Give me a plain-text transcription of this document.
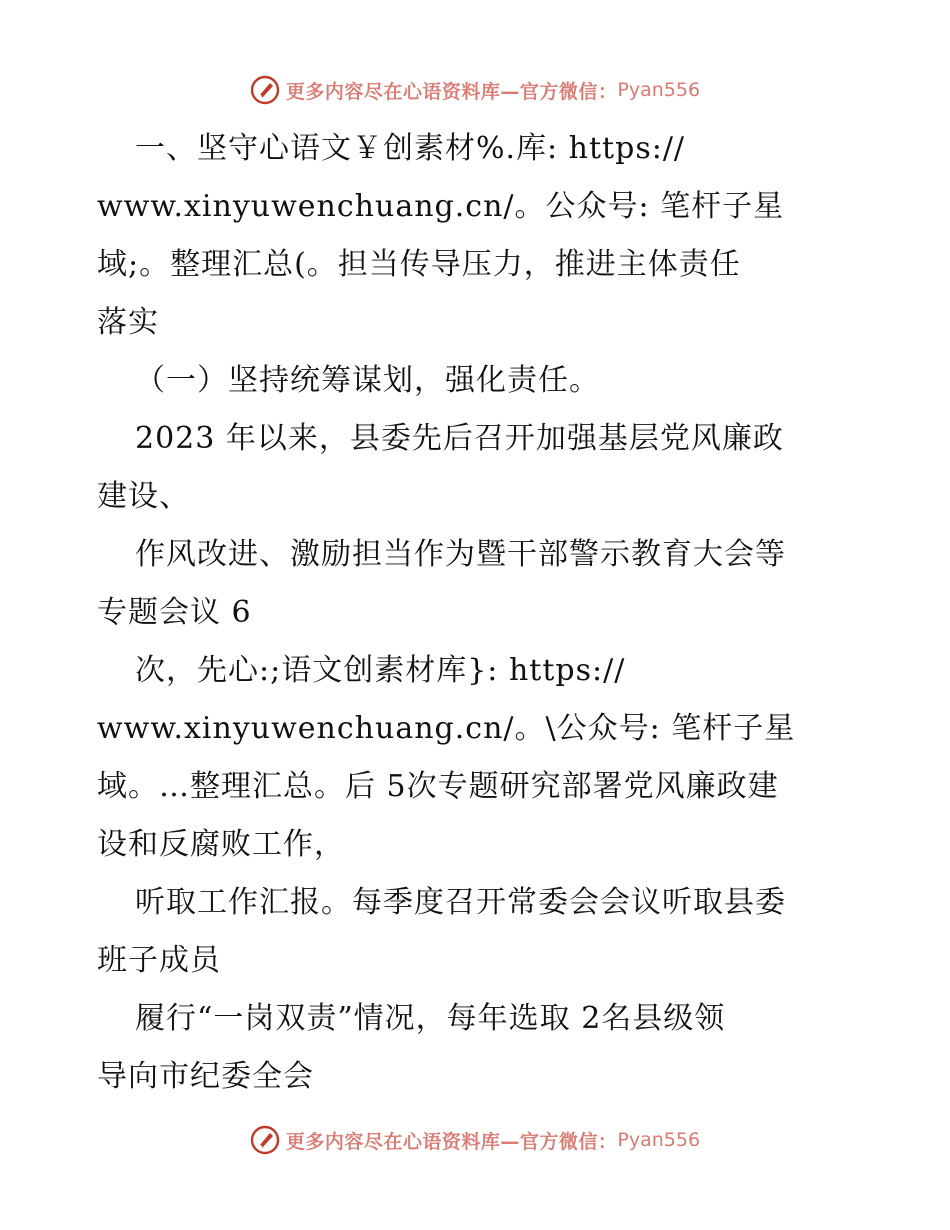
更多内容尽在心语资料库—官方微信： Pyan556
一、坚守心语文￥创素材%.库: https://
www.xinyuwenchuang.cn/。公众号: 笔杆子星
域;。整理汇总(。担当传导压力，推进主体责任
落实
（一）坚持统筹谋划，强化责任。
2023 年以来，县委先后召开加强基层党风廉政
建设、
作风改进、激励担当作为暨干部警示教育大会等
专题会议 6
次，先心:;语文创素材库}: https://
www.xinyuwenchuang.cn/。\公众号: 笔杆子星
域。…整理汇总。后 5次专题研究部署党风廉政建
设和反腐败工作，
听取工作汇报。每季度召开常委会会议听取县委
班子成员
履行“一岗双责”情况，每年选取 2名县级领
导向市纪委全会
更多内容尽在心语资料库—官方微信： Pyan556
